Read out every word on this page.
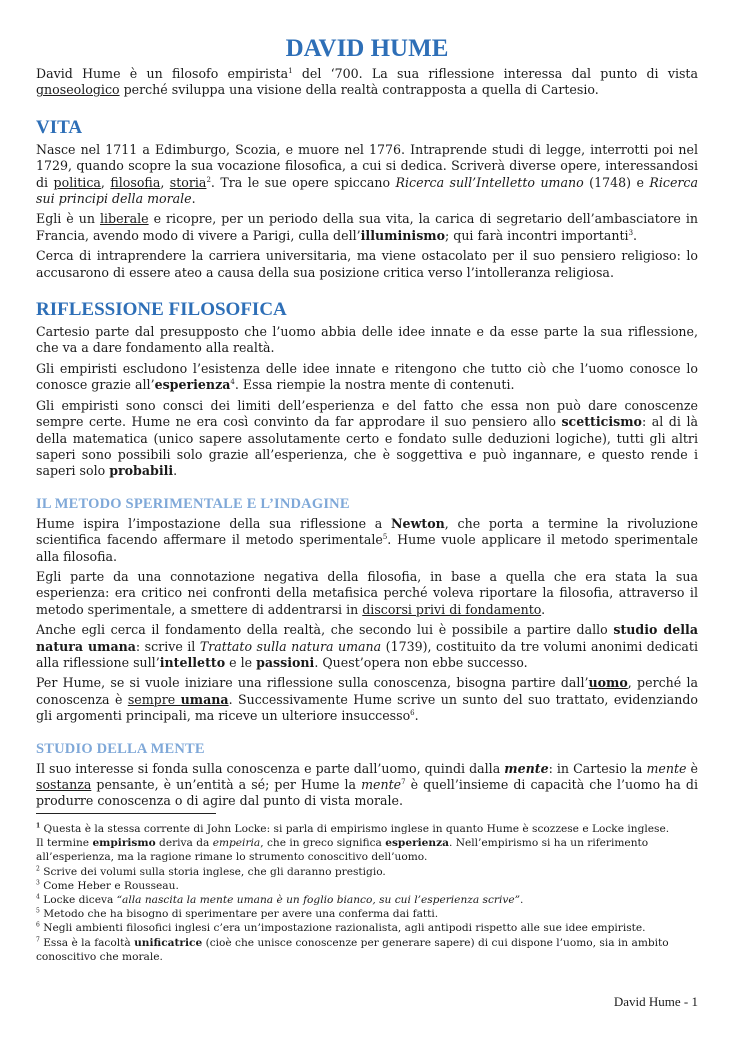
DAVID HUME

David Hume è un filosofo empirista$^1$ del ‘700. La sua riflessione interessa dal punto di vista gnoseologico perché sviluppa una visione della realtà contrapposta a quella di Cartesio.

VITA

Nasce nel 1711 a Edimburgo, Scozia, e muore nel 1776. Intraprende studi di legge, interrotti poi nel 1729, quando scopre la sua vocazione filosofica, a cui si dedica. Scriverà diverse opere, interessandosi di politica, filosofia, storia$^2$. Tra le sue opere spiccano Ricerca sull’Intelletto umano (1748) e Ricerca sui principi della morale.

Egli è un liberale e ricopre, per un periodo della sua vita, la carica di segretario dell’ambasciatore in Francia, avendo modo di vivere a Parigi, culla dell’illuminismo; qui farà incontri importanti$^3$.

Cerca di intraprendere la carriera universitaria, ma viene ostacolato per il suo pensiero religioso: lo accusarono di essere ateo a causa della sua posizione critica verso l’intolleranza religiosa.

RIFLESSIONE FILOSOFICA

Cartesio parte dal presupposto che l’uomo abbia delle idee innate e da esse parte la sua riflessione, che va a dare fondamento alla realtà.

Gli empiristi escludono l’esistenza delle idee innate e ritengono che tutto ciò che l’uomo conosce lo conosce grazie all’esperienza$^4$. Essa riempie la nostra mente di contenuti.

Gli empiristi sono consci dei limiti dell’esperienza e del fatto che essa non può dare conoscenze sempre certe. Hume ne era così convinto da far approdare il suo pensiero allo scetticismo: al di là della matematica (unico sapere assolutamente certo e fondato sulle deduzioni logiche), tutti gli altri saperi sono possibili solo grazie all’esperienza, che è soggettiva e può ingannare, e questo rende i saperi solo probabili.

IL METODO SPERIMENTALE E L’INDAGINE

Hume ispira l’impostazione della sua riflessione a Newton, che porta a termine la rivoluzione scientifica facendo affermare il metodo sperimentale$^5$. Hume vuole applicare il metodo sperimentale alla filosofia.

Egli parte da una connotazione negativa della filosofia, in base a quella che era stata la sua esperienza: era critico nei confronti della metafisica perché voleva riportare la filosofia, attraverso il metodo sperimentale, a smettere di addentrarsi in discorsi privi di fondamento.

Anche egli cerca il fondamento della realtà, che secondo lui è possibile a partire dallo studio della natura umana: scrive il Trattato sulla natura umana (1739), costituito da tre volumi anonimi dedicati alla riflessione sull’intelletto e le passioni. Quest’opera non ebbe successo.

Per Hume, se si vuole iniziare una riflessione sulla conoscenza, bisogna partire dall’uomo, perché la conoscenza è sempre umana. Successivamente Hume scrive un sunto del suo trattato, evidenziando gli argomenti principali, ma riceve un ulteriore insuccesso$^6$.

STUDIO DELLA MENTE

Il suo interesse si fonda sulla conoscenza e parte dall’uomo, quindi dalla mente: in Cartesio la mente è sostanza pensante, è un’entità a sé; per Hume la mente$^7$ è quell’insieme di capacità che l’uomo ha di produrre conoscenza o di agire dal punto di vista morale.

$^1$ Questa è la stessa corrente di John Locke: si parla di empirismo inglese in quanto Hume è scozzese e Locke inglese.

Il termine empirismo deriva da empeiria, che in greco significa esperienza. Nell’empirismo si ha un riferimento all’esperienza, ma la ragione rimane lo strumento conoscitivo dell’uomo.

$^2$ Scrive dei volumi sulla storia inglese, che gli daranno prestigio.

$^3$ Come Heber e Rousseau.

$^4$ Locke diceva “alla nascita la mente umana è un foglio bianco, su cui l’esperienza scrive”.

$^5$ Metodo che ha bisogno di sperimentare per avere una conferma dai fatti.

$^6$ Negli ambienti filosofici inglesi c’era un’impostazione razionalista, agli antipodi rispetto alle sue idee empiriste.

$^7$ Essa è la facoltà unificatrice (cioè che unisce conoscenze per generare sapere) di cui dispone l’uomo, sia in ambito conoscitivo che morale.

David Hume - 1
